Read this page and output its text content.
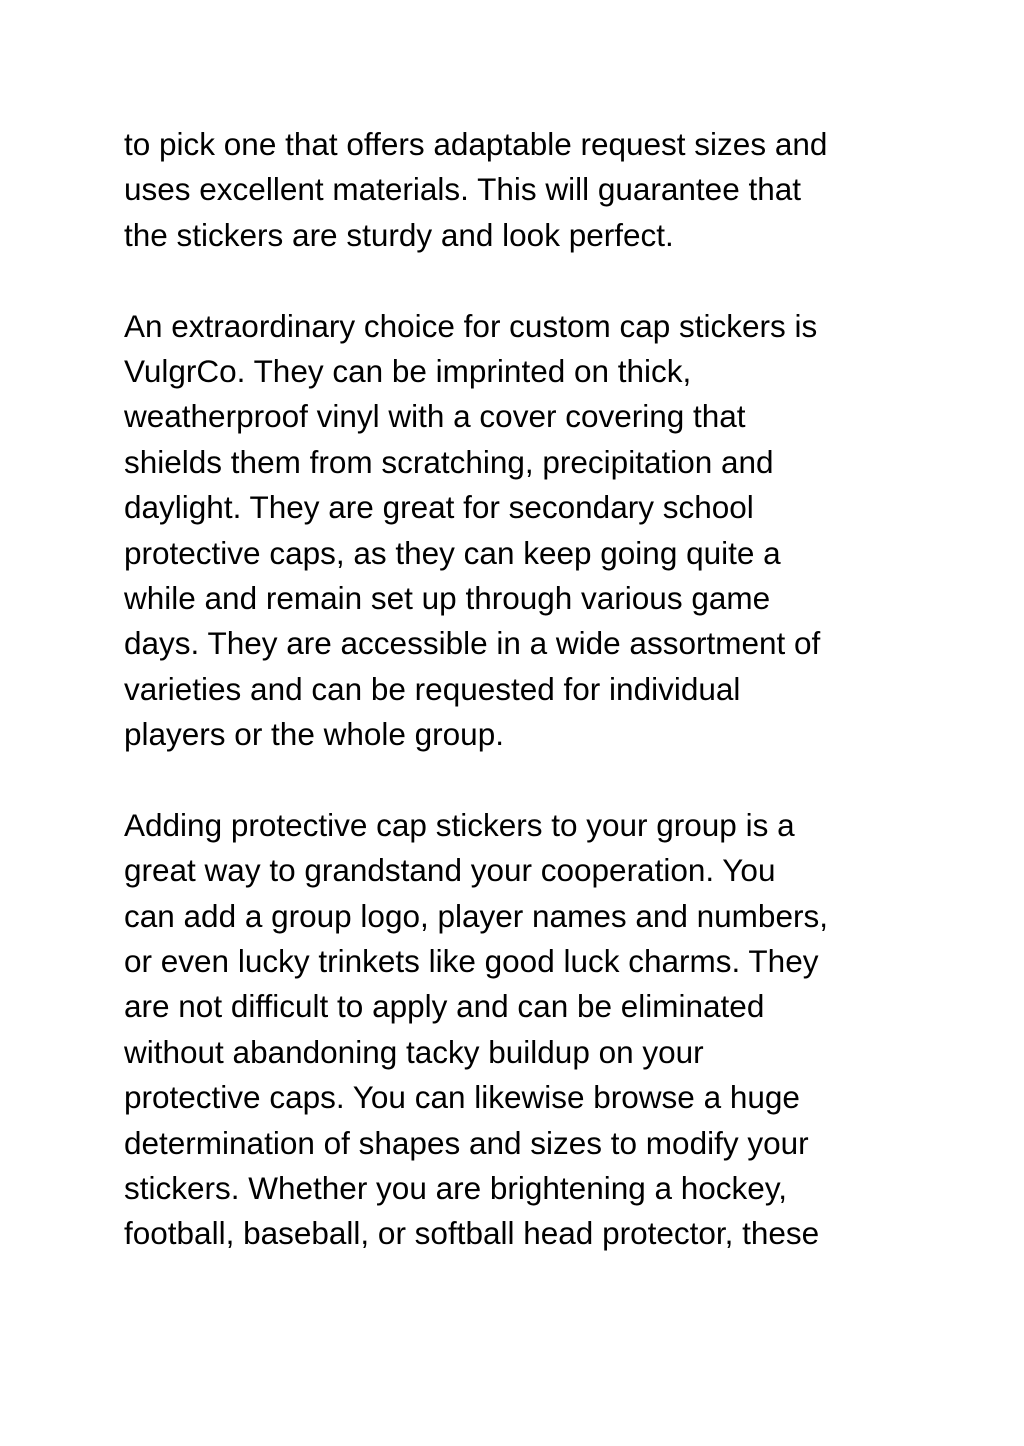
to pick one that offers adaptable request sizes and
uses excellent materials. This will guarantee that
the stickers are sturdy and look perfect.
An extraordinary choice for custom cap stickers is
VulgrCo. They can be imprinted on thick,
weatherproof vinyl with a cover covering that
shields them from scratching, precipitation and
daylight. They are great for secondary school
protective caps, as they can keep going quite a
while and remain set up through various game
days. They are accessible in a wide assortment of
varieties and can be requested for individual
players or the whole group.
Adding protective cap stickers to your group is a
great way to grandstand your cooperation. You
can add a group logo, player names and numbers,
or even lucky trinkets like good luck charms. They
are not difficult to apply and can be eliminated
without abandoning tacky buildup on your
protective caps. You can likewise browse a huge
determination of shapes and sizes to modify your
stickers. Whether you are brightening a hockey,
football, baseball, or softball head protector, these
